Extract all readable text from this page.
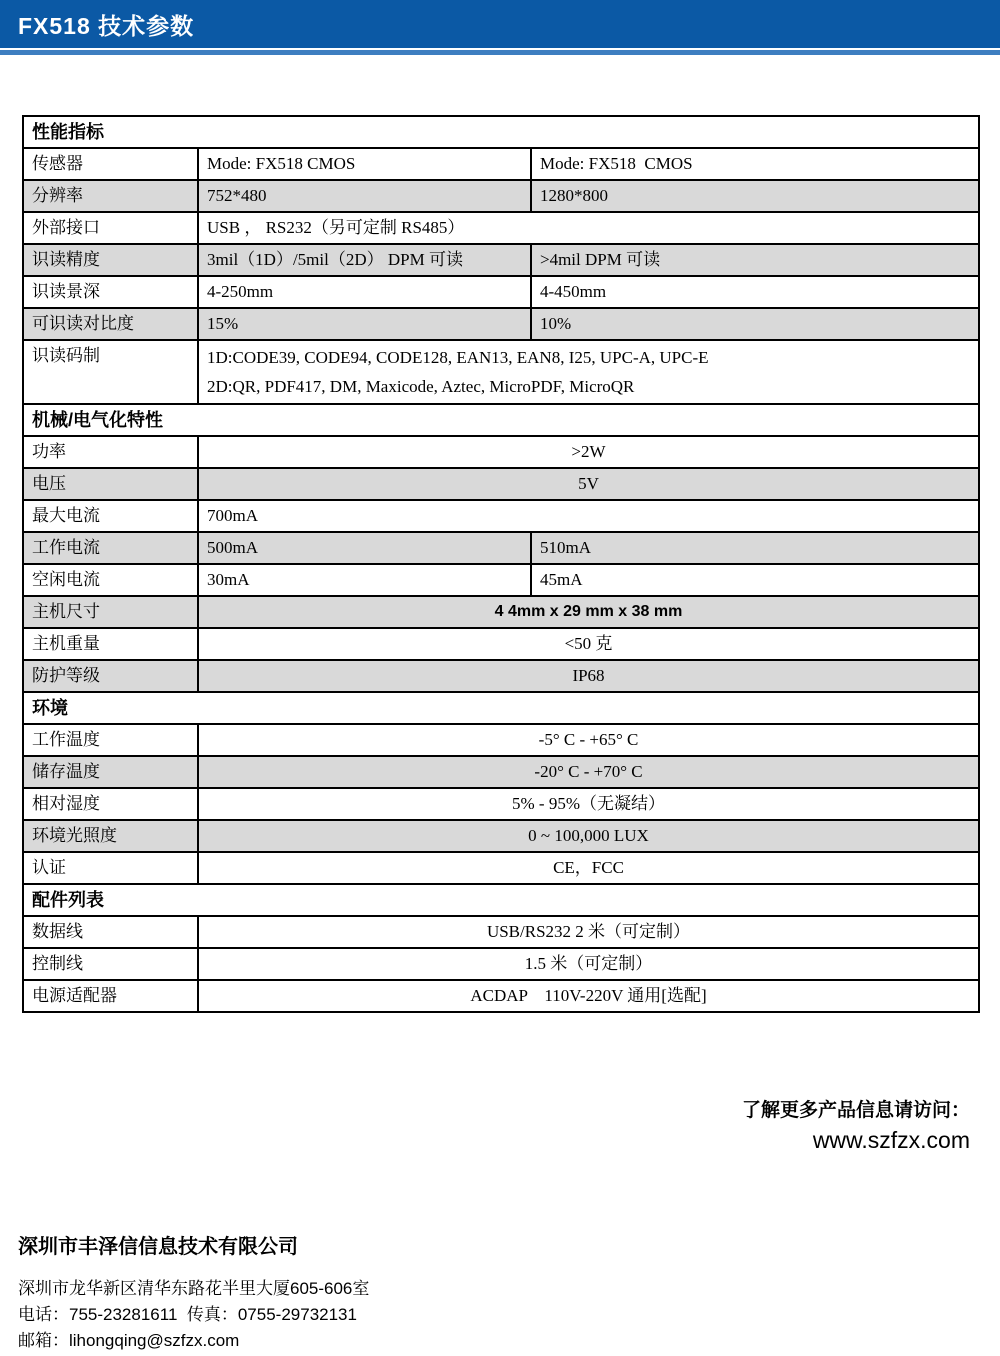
FX518 技术参数
性能指标		
传感器	Mode: FX518 CMOS	Mode: FX518  CMOS
分辨率	752*480	1280*800
外部接口	USB ， RS232（另可定制 RS485）	
识读精度	3mil（1D）/5mil（2D） DPM 可读	>4mil DPM 可读
识读景深	4-250mm	4-450mm
可识读对比度	15%	10%
识读码制	1D:CODE39, CODE94, CODE128, EAN13, EAN8, I25, UPC-A, UPC-E
2D:QR, PDF417, DM, Maxicode, Aztec, MicroPDF, MicroQR	

机械/电气化特性		
功率	>2W	
电压	5V	
最大电流	700mA	
工作电流	500mA	510mA
空闲电流	30mA	45mA
主机尺寸	4 4mm x 29 mm x 38 mm	
主机重量	<50 克	
防护等级	IP68	
环境		
工作温度	-5° C - +65° C	
储存温度	-20° C - +70° C	
相对湿度	5% - 95%（无凝结）	
环境光照度	0 ~ 100,000 LUX	
认证	CE，FCC	
配件列表		
数据线	USB/RS232 2 米（可定制）	
控制线	1.5 米（可定制）	
电源适配器	ACDAP    110V-220V 通用[选配]	
了解更多产品信息请访问：
www.szfzx.com

深圳市丰泽信信息技术有限公司

深圳市龙华新区清华东路花半里大厦605-606室

电话：755-23281611  传真：0755-29732131

邮箱：lihongqing@szfzx.com
